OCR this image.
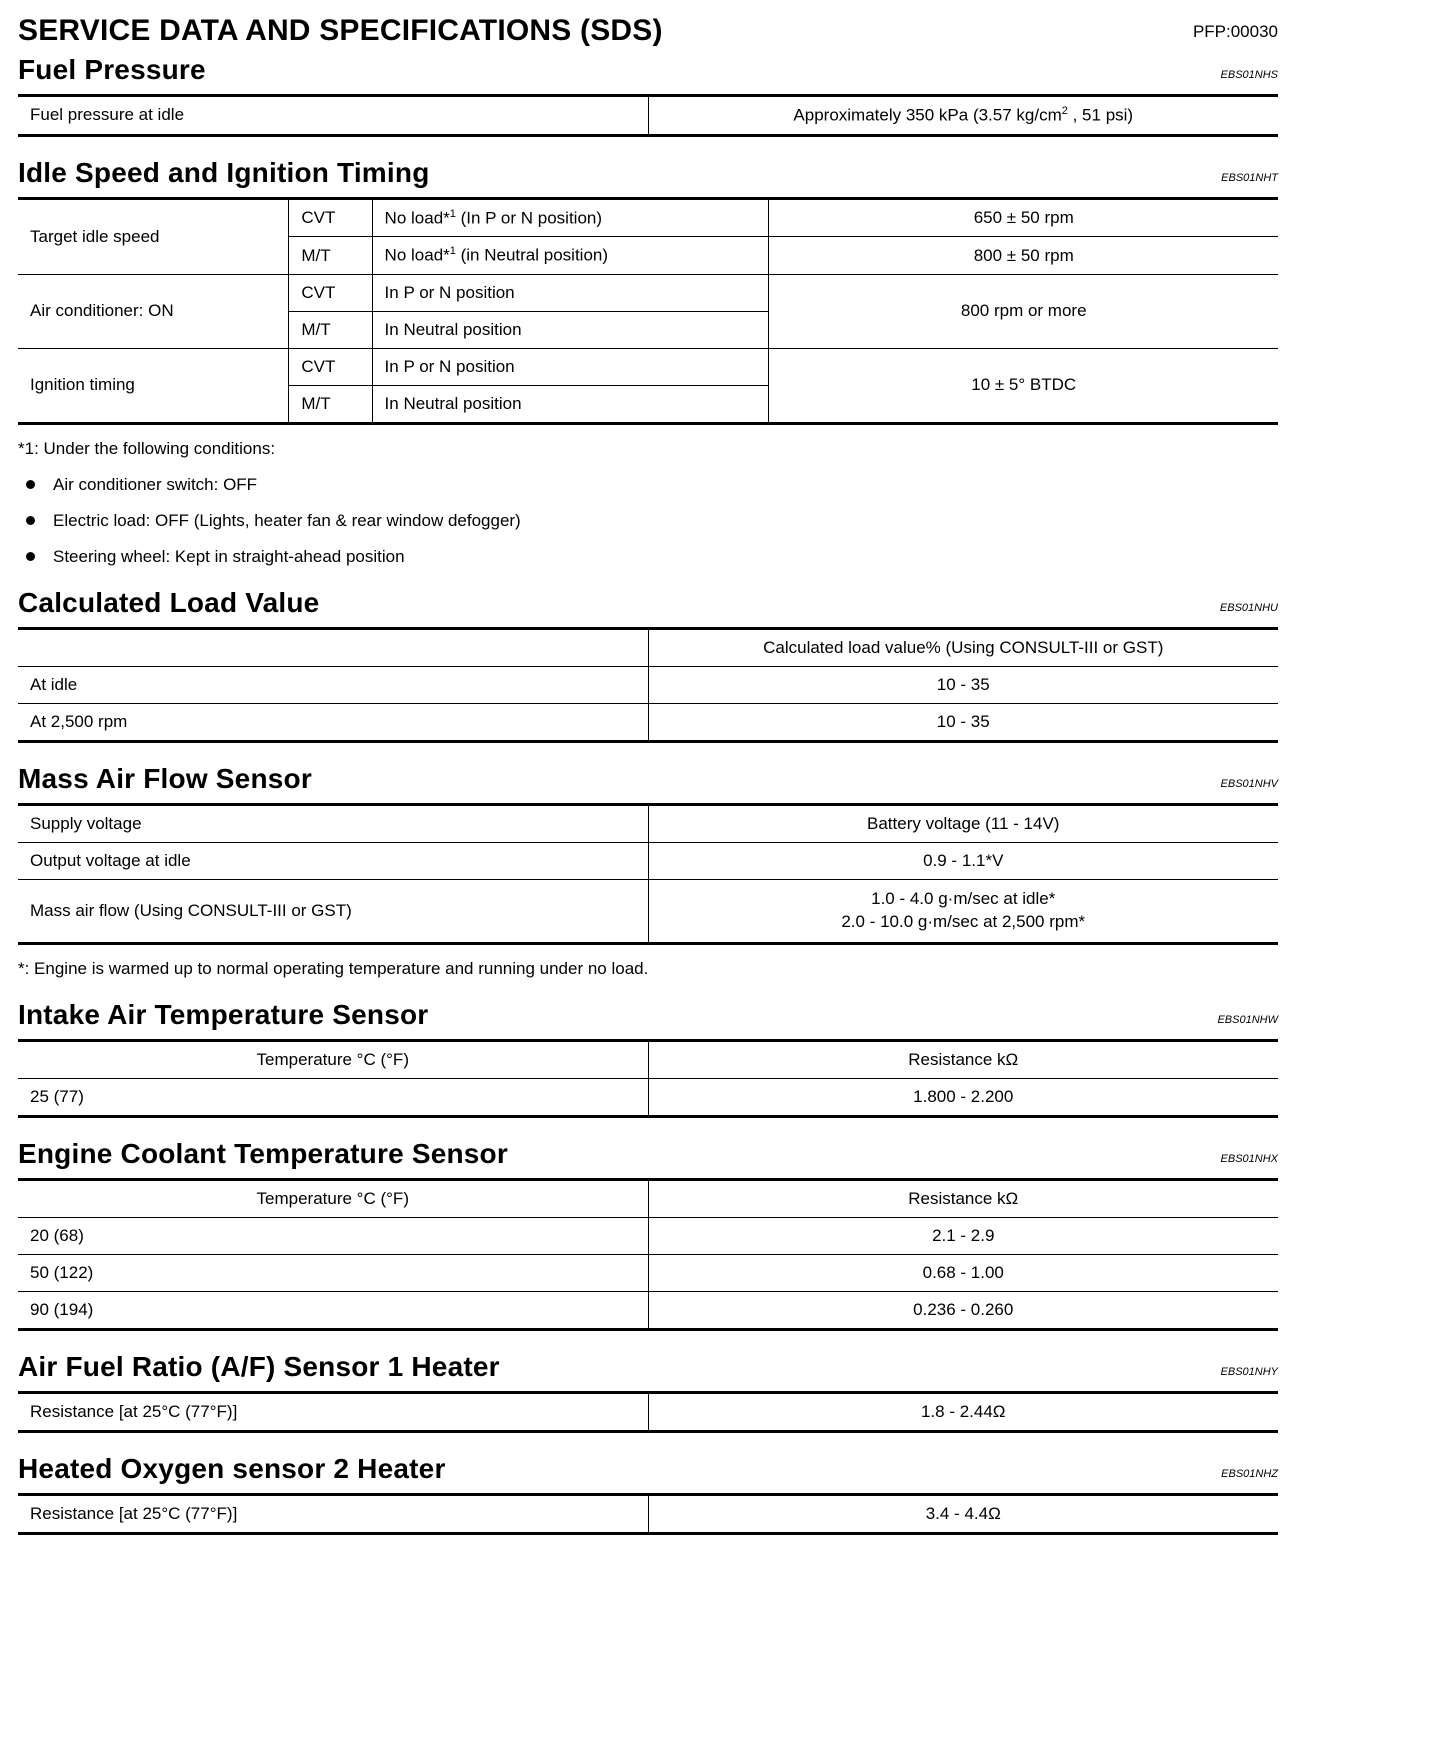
SERVICE DATA AND SPECIFICATIONS (SDS)	PFP:00030
Fuel Pressure	EBS01NHS
Fuel pressure at idle	Approximately 350 kPa (3.57 $kg/cm^2$ , 51 psi)
Idle Speed and Ignition Timing	EBS01NHT
Target idle speed	CVT	No load*$^1$ (In P or N position)	650 ± 50 rpm
	M/T	No load*$^1$ (in Neutral position)	800 ± 50 rpm
Air conditioner: ON	CVT	In P or N position	800 rpm or more
	M/T	In Neutral position	
Ignition timing	CVT	In P or N position	10 ± 5° BTDC
	M/T	In Neutral position	
*1: Under the following conditions:
Air conditioner switch: OFF
Electric load: OFF (Lights, heater fan & rear window defogger)
Steering wheel: Kept in straight-ahead position
Calculated Load Value	EBS01NHU
	Calculated load value% (Using CONSULT-III or GST)
At idle	10 - 35
At 2,500 rpm	10 - 35
Mass Air Flow Sensor	EBS01NHV
Supply voltage	Battery voltage (11 - 14V)
Output voltage at idle	0.9 - 1.1*V
Mass air flow (Using CONSULT-III or GST)	1.0 - 4.0 g·m/sec at idle*
2.0 - 10.0 g·m/sec at 2,500 rpm*
*: Engine is warmed up to normal operating temperature and running under no load.
Intake Air Temperature Sensor	EBS01NHW
Temperature °C (°F)	Resistance kΩ
25 (77)	1.800 - 2.200
Engine Coolant Temperature Sensor	EBS01NHX
Temperature °C (°F)	Resistance kΩ
20 (68)	2.1 - 2.9
50 (122)	0.68 - 1.00
90 (194)	0.236 - 0.260
Air Fuel Ratio (A/F) Sensor 1 Heater	EBS01NHY
Resistance [at 25°C (77°F)]	1.8 - 2.44Ω
Heated Oxygen sensor 2 Heater	EBS01NHZ
Resistance [at 25°C (77°F)]	3.4 - 4.4Ω
